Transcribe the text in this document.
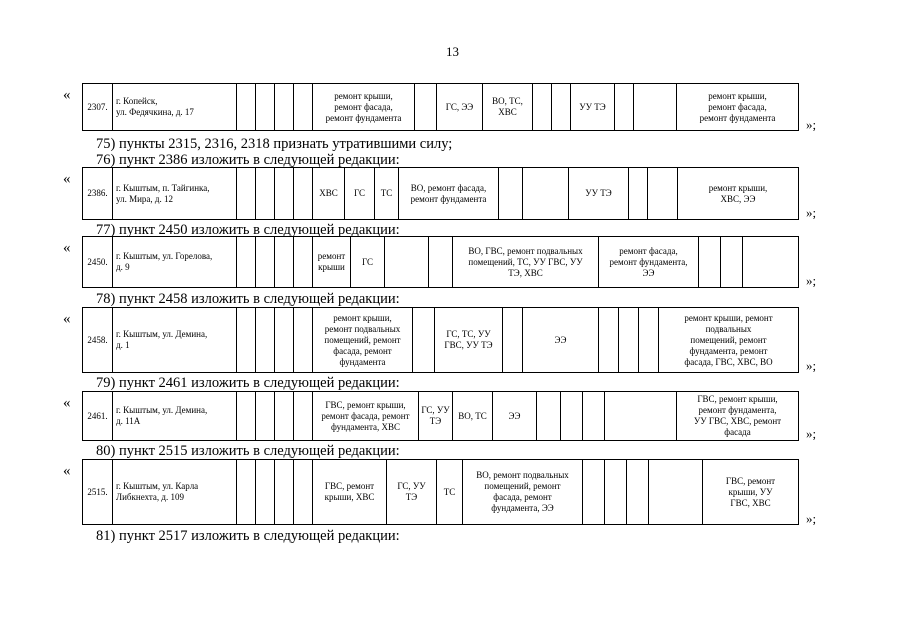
13
«
2307.	г. Копейск,
ул. Федячкина, д. 17					ремонт крыши,
ремонт фасада,
ремонт фундамента		ГС, ЭЭ	ВО, ТС,
ХВС			УУ ТЭ			ремонт крыши,
ремонт фасада,
ремонт фундамента »;
75) пункты 2315, 2316, 2318 признать утратившими силу;
76) пункт 2386 изложить в следующей редакции:
«
2386.	г. Кыштым, п. Тайгинка,
ул. Мира, д. 12					ХВС	ГС	ТС	ВО, ремонт фасада,
ремонт фундамента			УУ ТЭ			ремонт крыши,
ХВС, ЭЭ
»;
77) пункт 2450 изложить в следующей редакции:
«
2450.	г. Кыштым, ул. Горелова,
д. 9					ремонт
крыши	ГС			ВО, ГВС, ремонт подвальных
помещений, ТС, УУ ГВС, УУ
ТЭ, ХВС	ремонт фасада,
ремонт фундамента,
ЭЭ			
»;
78) пункт 2458 изложить в следующей редакции:
«
2458.	г. Кыштым, ул. Демина,
д. 1					ремонт крыши,
ремонт подвальных
помещений, ремонт
фасада, ремонт
фундамента		ГС, ТС, УУ
ГВС, УУ ТЭ		ЭЭ				ремонт крыши, ремонт
подвальных
помещений, ремонт
фундамента, ремонт
фасада, ГВС, ХВС, ВО	»;
79) пункт 2461 изложить в следующей редакции:
«
2461.	г. Кыштым, ул. Демина,
д. 11А					ГВС, ремонт крыши,
ремонт фасада, ремонт
фундамента, ХВС	ГС, УУ
ТЭ	ВО, ТС	ЭЭ					ГВС, ремонт крыши,
ремонт фундамента,
УУ ГВС, ХВС, ремонт
фасада	»;
80) пункт 2515 изложить в следующей редакции:
«
2515.	г. Кыштым, ул. Карла
Либкнехта, д. 109					ГВС, ремонт
крыши, ХВС	ГС, УУ
ТЭ	ТС	ВО, ремонт подвальных
помещений, ремонт
фасада, ремонт
фундамента, ЭЭ					ГВС, ремонт
крыши, УУ
ГВС, ХВС
»;
81) пункт 2517 изложить в следующей редакции:
